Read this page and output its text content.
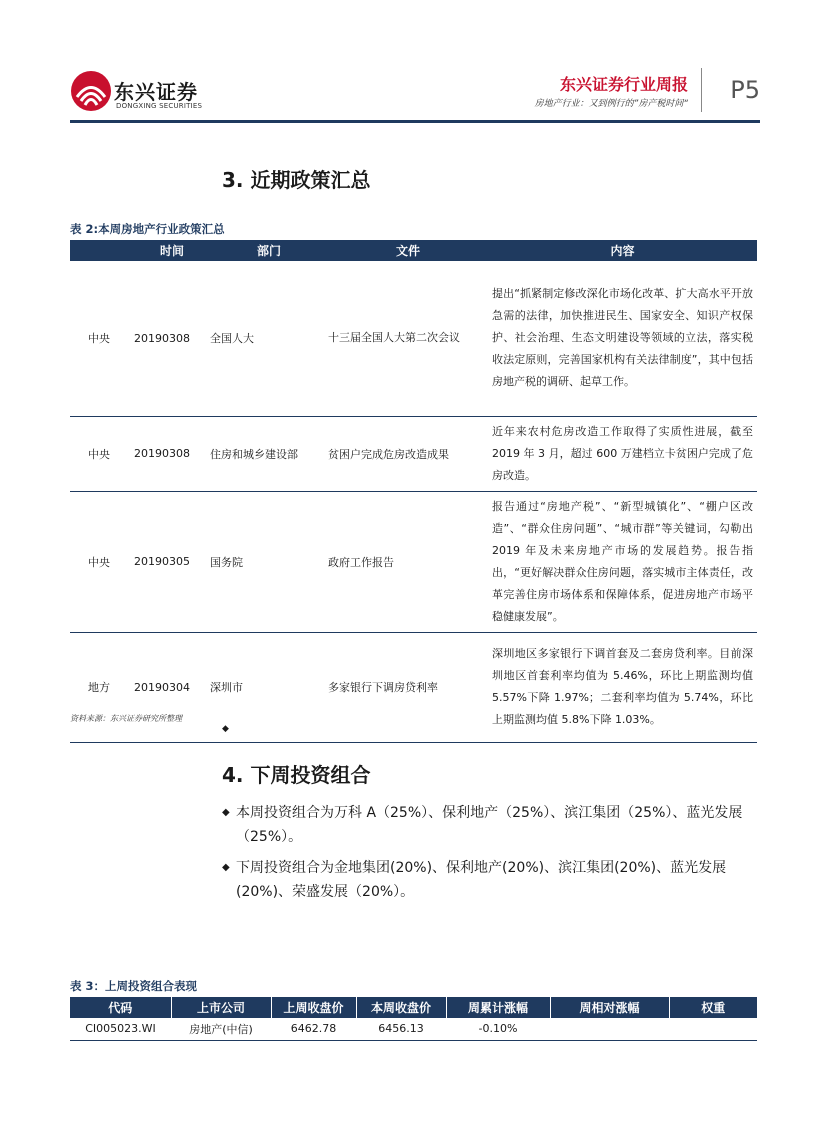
东兴证券
DONGXING SECURITIES
东兴证券行业周报
房地产行业：又到例行的”房产税时间“ P5
3. 近期政策汇总
表 2:本周房地产行业政策汇总
	时间	部门	文件	内容
中央	20190308	全国人大	十三届全国人大第二次会议	提出“抓紧制定修改深化市场化改革、扩大高水平开放急需的法律，加快推进民生、国家安全、知识产权保护、社会治理、生态文明建设等领域的立法，落实税收法定原则，完善国家机构有关法律制度”，其中包括房地产税的调研、起草工作。
中央	20190308	住房和城乡建设部	贫困户完成危房改造成果	近年来农村危房改造工作取得了实质性进展，截至 2019 年 3 月，超过 600 万建档立卡贫困户完成了危房改造。
中央	20190305	国务院	政府工作报告	报告通过“房地产税”、“新型城镇化”、“棚户区改造”、“群众住房问题”、“城市群”等关键词，勾勒出 2019 年及未来房地产市场的发展趋势。报告指出，“更好解决群众住房问题，落实城市主体责任，改革完善住房市场体系和保障体系，促进房地产市场平稳健康发展”。
地方	20190304	深圳市	多家银行下调房贷利率	深圳地区多家银行下调首套及二套房贷利率。目前深圳地区首套利率均值为 5.46%，环比上期监测均值 5.57%下降 1.97%；二套利率均值为 5.74%，环比上期监测均值 5.8%下降 1.03%。
资料来源：东兴证券研究所整理
◆
4. 下周投资组合
◆ 本周投资组合为万科 A（25%）、保利地产（25%）、滨江集团（25%）、蓝光发展（25%）。
◆ 下周投资组合为金地集团(20%)、保利地产(20%)、滨江集团(20%)、蓝光发展(20%)、荣盛发展（20%）。
表 3：上周投资组合表现
代码	上市公司	上周收盘价	本周收盘价	周累计涨幅	周相对涨幅	权重
CI005023.WI	房地产(中信)	6462.78	6456.13	-0.10%		
